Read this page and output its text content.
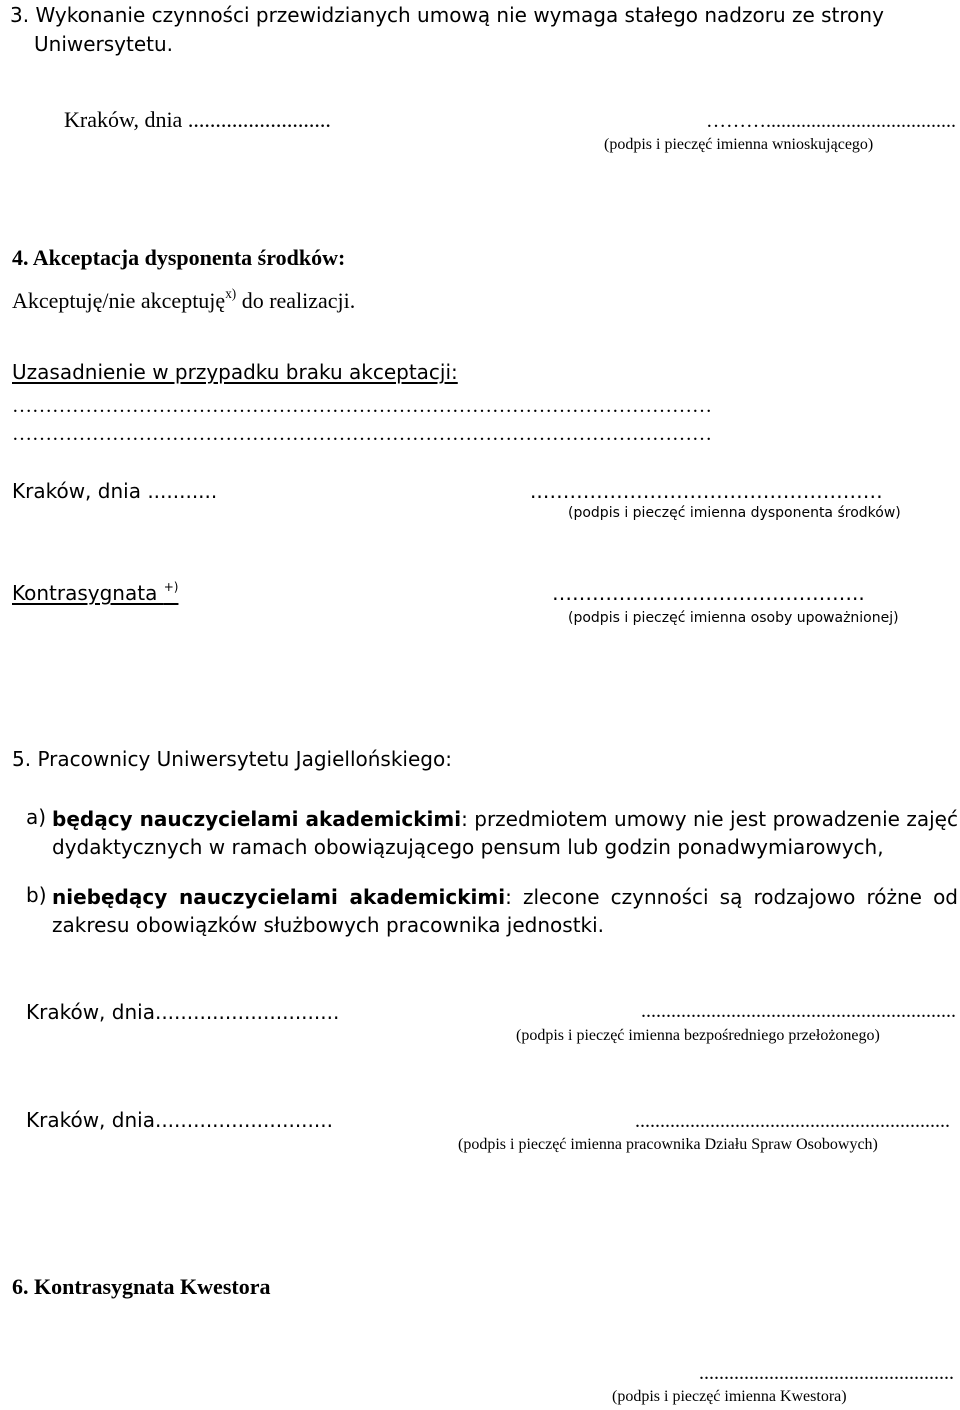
3. Wykonanie czynności przewidzianych umową nie wymaga stałego nadzoru ze strony
Uniwersytetu.
Kraków, dnia ..........................	………......................................
(podpis i pieczęć imienna wnioskującego)
4. Akceptacja dysponenta środków:
Akceptuję/nie akceptuję$^{x)}$ do realizacji.
Uzasadnienie w przypadku braku akceptacji:
……………………………………………………………………………………………
……………………………………………………………………………………………
Kraków, dnia ...........	..……………………………………………
(podpis i pieczęć imienna dysponenta środków)
Kontrasygnata +)	………………………………………..
(podpis i pieczęć imienna osoby upoważnionej)
5. Pracownicy Uniwersytetu Jagiellońskiego:
a) będący nauczycielami akademickimi: przedmiotem umowy nie jest prowadzenie zajęć dydaktycznych w ramach obowiązującego pensum lub godzin ponadwymiarowych,
b) niebędący nauczycielami akademickimi: zlecone czynności są rodzajowo różne od zakresu obowiązków służbowych pracownika jednostki.
Kraków, dnia.............................	...............................................................
(podpis i pieczęć imienna bezpośredniego przełożonego)
Kraków, dnia............................	...............................................................
(podpis i pieczęć imienna pracownika Działu Spraw Osobowych)
6. Kontrasygnata Kwestora
...................................................
(podpis i pieczęć imienna Kwestora)
